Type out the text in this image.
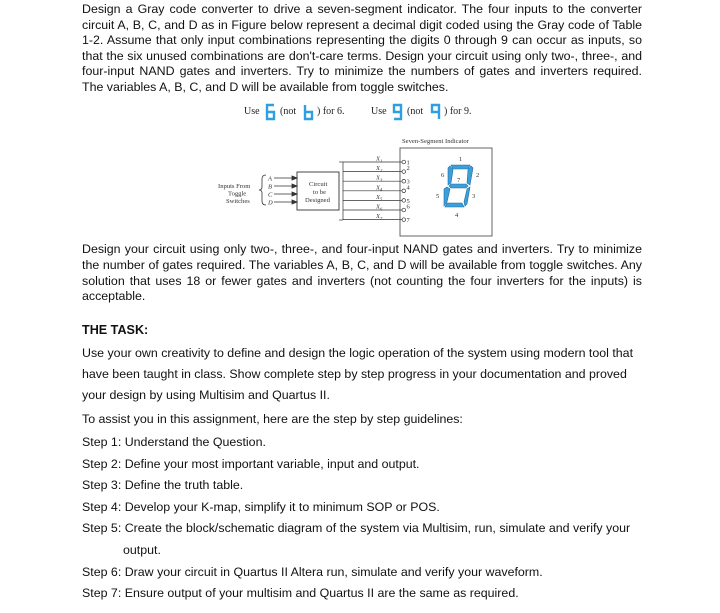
Design a Gray code converter to drive a seven-segment indicator. The four inputs to the converter circuit A, B, C, and D as in Figure below represent a decimal digit coded using the Gray code of Table 1-2. Assume that only input combinations representing the digits 0 through 9 can occur as inputs, so that the six unused combinations are don't-care terms. Design your circuit using only two-, three-, and four-input NAND gates and inverters. Try to minimize the numbers of gates and inverters required. The variables A, B, C, and D will be available from toggle switches.

Use (not ) for 6.	Use (not ) for 9.
Seven-Segment Indicator
Inputs From
Toggle
Switches
A
B
C
D
Circuit
to be
Designed
$X_1$
$X_2$
$X_3$
$X_4$
$X_5$
$X_6$
$X_7$
1
2
3
4
5
6
7
1
2
3
4
5
6
7

Design your circuit using only two-, three-, and four-input NAND gates and inverters. Try to minimize the number of gates required. The variables A, B, C, and D will be available from toggle switches. Any solution that uses 18 or fewer gates and inverters (not counting the four inverters for the inputs) is acceptable.

THE TASK:

Use your own creativity to define and design the logic operation of the system using modern tool that
have been taught in class. Show complete step by step progress in your documentation and proved
your design by using Multisim and Quartus II.

To assist you in this assignment, here are the step by step guidelines:

Step 1: Understand the Question.
Step 2: Define your most important variable, input and output.
Step 3: Define the truth table.
Step 4: Develop your K-map, simplify it to minimum SOP or POS.
Step 5: Create the block/schematic diagram of the system via Multisim, run, simulate and verify your
output.
Step 6: Draw your circuit in Quartus II Altera run, simulate and verify your waveform.
Step 7: Ensure output of your multisim and Quartus II are the same as required.
